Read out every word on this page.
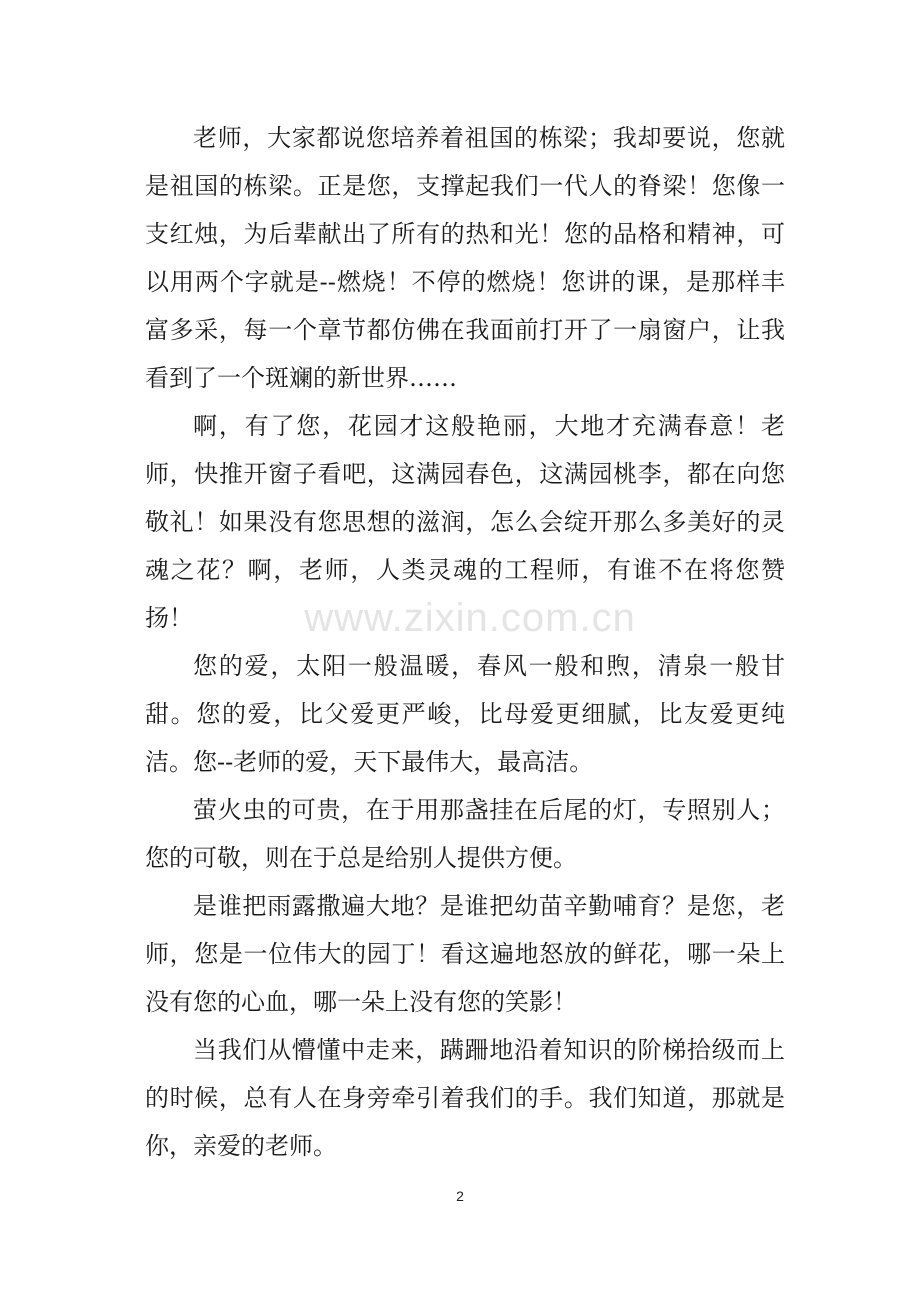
老师，大家都说您培养着祖国的栋梁；我却要说，您就是祖国的栋梁。正是您，支撑起我们一代人的脊梁！您像一支红烛，为后辈献出了所有的热和光！您的品格和精神，可以用两个字就是--燃烧！不停的燃烧！您讲的课，是那样丰富多采，每一个章节都仿佛在我面前打开了一扇窗户，让我看到了一个斑斓的新世界……

啊，有了您，花园才这般艳丽，大地才充满春意！老师，快推开窗子看吧，这满园春色，这满园桃李，都在向您敬礼！如果没有您思想的滋润，怎么会绽开那么多美好的灵魂之花？啊，老师，人类灵魂的工程师，有谁不在将您赞扬！

您的爱，太阳一般温暖，春风一般和煦，清泉一般甘甜。您的爱，比父爱更严峻，比母爱更细腻，比友爱更纯洁。您--老师的爱，天下最伟大，最高洁。

萤火虫的可贵，在于用那盏挂在后尾的灯，专照别人；您的可敬，则在于总是给别人提供方便。

是谁把雨露撒遍大地？是谁把幼苗辛勤哺育？是您，老师，您是一位伟大的园丁！看这遍地怒放的鲜花，哪一朵上没有您的心血，哪一朵上没有您的笑影！

当我们从懵懂中走来，蹒跚地沿着知识的阶梯拾级而上的时候，总有人在身旁牵引着我们的手。我们知道，那就是你，亲爱的老师。

www.zixin.com.cn
2
